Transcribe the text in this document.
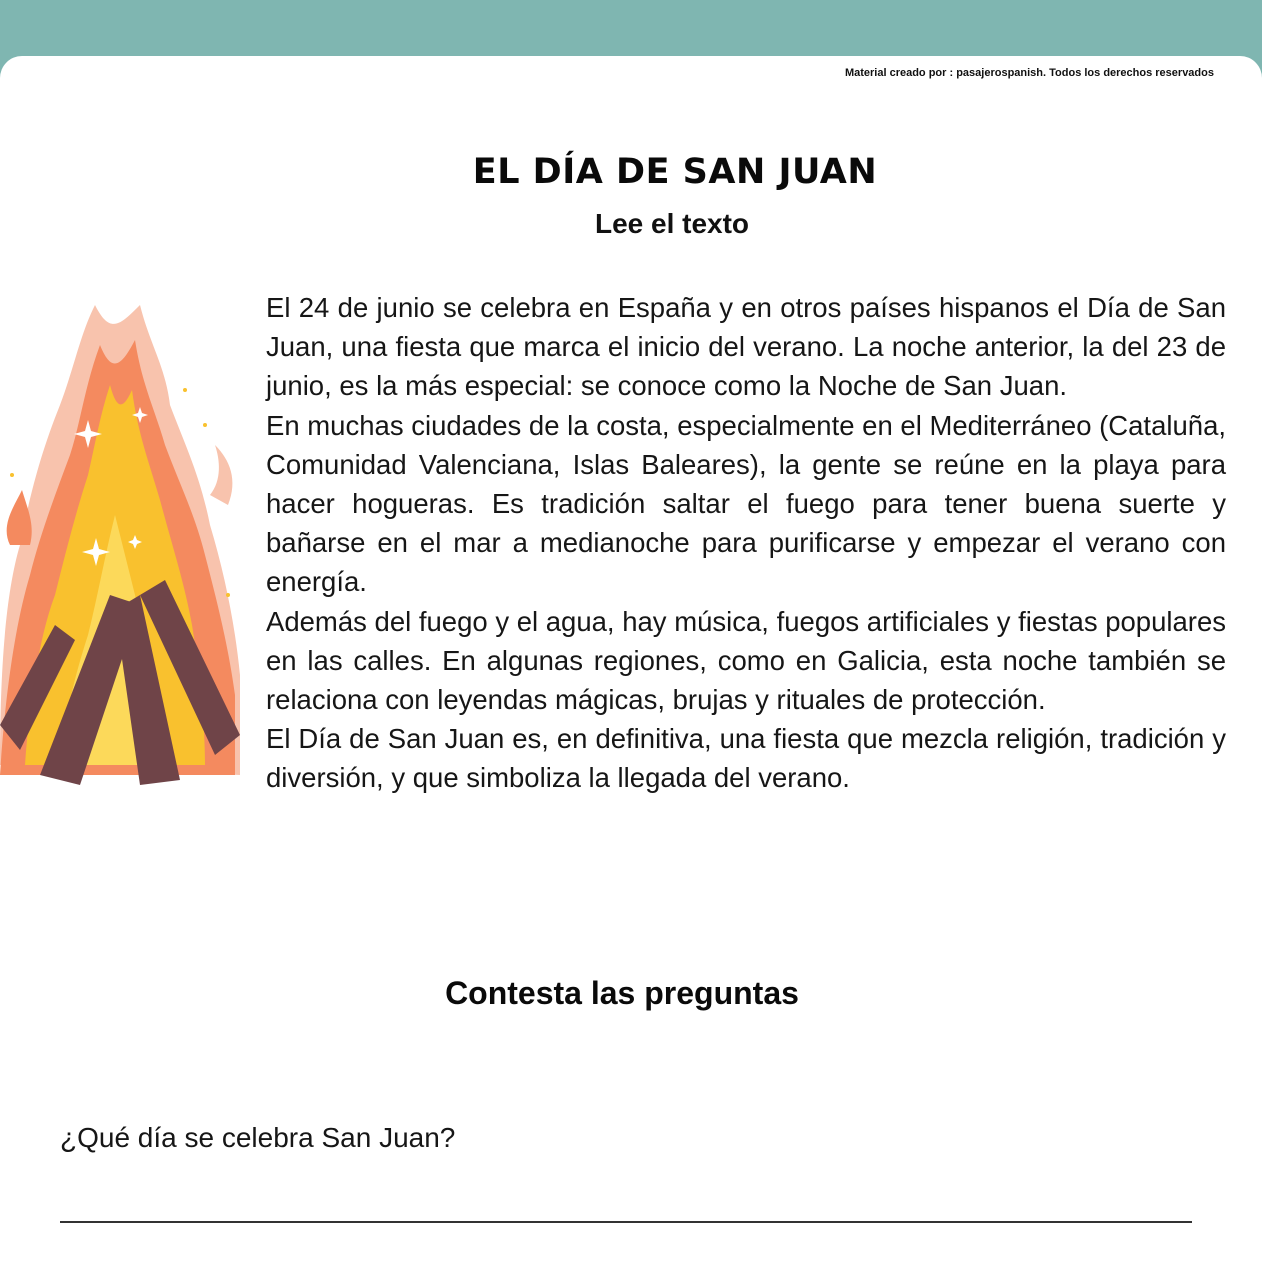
Material creado por : pasajerospanish. Todos los derechos reservados

EL DÍA DE SAN JUAN
Lee el texto

El 24 de junio se celebra en España y en otros países hispanos el Día de San Juan, una fiesta que marca el inicio del verano. La noche anterior, la del 23 de junio, es la más especial: se conoce como la Noche de San Juan.

En muchas ciudades de la costa, especialmente en el Mediterráneo (Cataluña, Comunidad Valenciana, Islas Baleares), la gente se reúne en la playa para hacer hogueras. Es tradición saltar el fuego para tener buena suerte y bañarse en el mar a medianoche para purificarse y empezar el verano con energía.

Además del fuego y el agua, hay música, fuegos artificiales y fiestas populares en las calles. En algunas regiones, como en Galicia, esta noche también se relaciona con leyendas mágicas, brujas y rituales de protección.

El Día de San Juan es, en definitiva, una fiesta que mezcla religión, tradición y diversión, y que simboliza la llegada del verano.

Contesta las preguntas

¿Qué día se celebra San Juan?
